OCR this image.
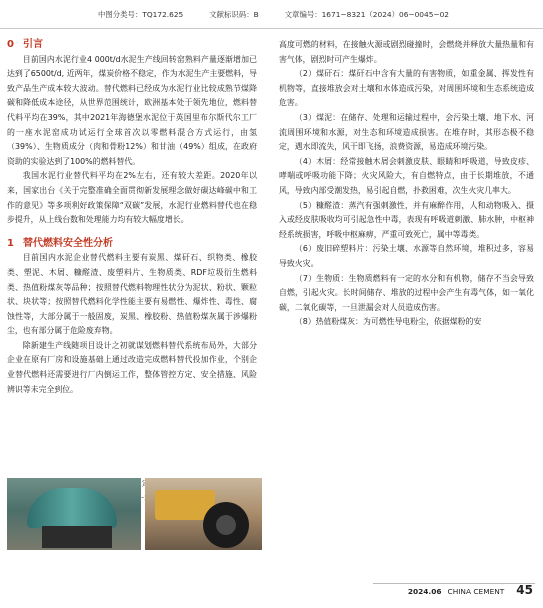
中图分类号：TQ172.625	文献标识码：B	文章编号：1671−8321（2024）06−0045−02

0 引言

目前国内水泥行业4 000t/d水泥生产线回转窑熟料产量逐渐增加已达到了6500t/d, 近两年，煤炭价格不稳定，作为水泥生产主要燃料，导致产品生产成本较大波动。替代燃料已经成为水泥行业比较成熟节煤降碳和降低成本途径，从世界范围统计，欧洲基本处于领先地位，燃料替代料平均在39%，其中2021年海德堡水泥位于英国里布尔斯代尔工厂的一座水泥窑成功试运行全球首次以零燃料混合方式运行，由氢（39%）、生物质成分（肉和骨粉12%）和甘油（49%）组成，在政府资助的实验达到了100%的燃料替代。

我国水泥行业替代料平均在2%左右，还有较大差距。2020年以来，国家出台《关于完整准确全面贯彻新发展理念做好碳达峰碳中和工作的意见》等多项利好政策保障“双碳”发展，水泥行业燃料替代也在稳步提升，从上线台数和处理能力均有较大幅度增长。

1 替代燃料安全性分析

目前国内水泥企业替代燃料主要有炭黑、煤矸石、织物类、橡胶类、塑泥、木屑、糠醛渣、废塑料片、生物质类、RDF垃圾衍生燃料类、热值粉煤灰等品种；按照替代燃料物理性状分为泥状、粉状、颗粒状、块状等；按照替代燃料化学性能主要有易燃性、爆炸性、毒性、腐蚀性等，大部分属于一般固废，炭黑、橡胶粉、热值粉煤灰属于涉爆粉尘，也有部分属于危险废弃物。

除新建生产线随项目设计之初就谋划燃料替代系统布局外，大部分企业在原有厂房和设施基础上通过改造完成燃料替代投加作业，个别企业替代燃料还需要进行厂内倒运工作，整体管控方定、安全措施、风险辨识等未完全到位。

高度可燃的材料，在接触火源或剧烈碰撞时，会燃烧并释放大量热量和有害气体，剧烈时可产生爆炸。

（2）煤矸石：煤矸石中含有大量的有害物质，如重金属、挥发性有机物等，直接堆放会对土壤和水体造成污染，对周围环境和生态系统造成危害。

（3）煤泥：在储存、处理和运输过程中，会污染土壤、地下水、河流周围环境和水源，对生态和环境造成损害。在堆存时，其形态极不稳定，遇水即流失，风干即飞扬，浪费资源，易造成环境污染。

（4）木屑：经常接触木屑会刺激皮肤、眼睛和呼吸道，导致皮疹、哮喘或呼吸功能下降；火灾风险大，有自燃特点，由于长期堆放，不通风，导致内部受潮发热，易引起自燃，扑救困难，次生火灾几率大。

（5）糠醛渣：蒸汽有强刺激性，并有麻醉作用，人和动物吸入、摄入或经皮肤吸收均可引起急性中毒，表现有呼吸道刺激、肺水肿，中枢神经系统损害，呼吸中枢麻痹，严重可致死亡，属中等毒类。

（6）废旧碎塑料片：污染土壤、水源等自然环境，堆积过多，容易导致火灾。

（7）生物质：生物质燃料有一定的水分和有机物，储存不当会导致自燃，引起火灾。长时间储存、堆放的过程中会产生有毒气体，如一氧化碳，二氧化碳等，一旦泄漏会对人员造成伤害。

（8）热值粉煤灰：为可燃性导电粉尘，依据煤粉的安

2024.06 CHINA CEMENT 45
